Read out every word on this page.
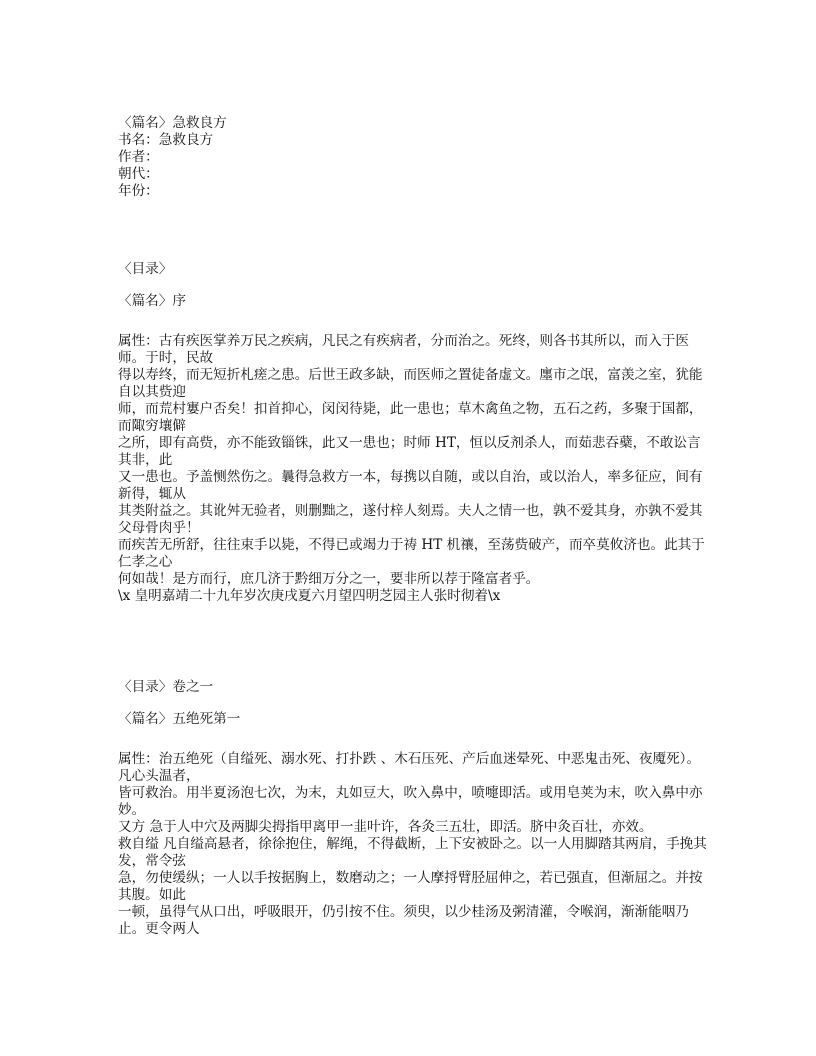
〈篇名〉急救良方
书名：急救良方
作者：
朝代：
年份：
〈目录〉
〈篇名〉序
属性：古有疾医掌养万民之疾病，凡民之有疾病者，分而治之。死终，则各书其所以，而入于医师。于时，民故
得以寿终，而无短折札瘥之患。后世王政多缺，而医师之置徒备虚文。廛市之氓，富羡之室，犹能自以其赀迎
师，而荒村寠户否矣！扣首抑心，闵闵待毙，此一患也；草木禽鱼之物，五石之药，多聚于国都，而陬穷壤僻
之所，即有高赀，亦不能致锱铢，此又一患也；时师 HT，恒以反剂杀人，而茹悲吞蘗，不敢讼言其非，此
又一患也。予盖恻然伤之。曩得急救方一本，每携以自随，或以自治，或以治人，率多征应，间有新得，辄从
其类附益之。其讹舛无验者，则删黜之，遂付梓人刻焉。夫人之情一也，孰不爱其身，亦孰不爱其父母骨肉乎！
而疾苦无所舒，往往束手以毙，不得已或竭力于祷 HT 机禳，至荡赀破产，而卒莫攸济也。此其于仁孝之心
何如哉！是方而行，庶几济于黔细万分之一，要非所以荐于隆富者乎。
\x 皇明嘉靖二十九年岁次庚戌夏六月望四明芝园主人张时彻着\x
〈目录〉卷之一
〈篇名〉五绝死第一
属性：治五绝死（自缢死、溺水死、打扑跌 、木石压死、产后血迷晕死、中恶鬼击死、夜魇死）。凡心头温者，
皆可救治。用半夏汤泡七次，为末，丸如豆大，吹入鼻中，喷嚏即活。或用皂荚为末，吹入鼻中亦妙。
又方 急于人中穴及两脚尖拇指甲离甲一韭叶许，各灸三五壮，即活。脐中灸百壮，亦效。
救自缢 凡自缢高悬者，徐徐抱住，解绳，不得截断，上下安被卧之。以一人用脚踏其两肩，手挽其发，常令弦
急，勿使缓纵；一人以手按据胸上，数磨动之；一人摩捋臂胫屈伸之，若已强直，但渐屈之。并按其腹。如此
一顿，虽得气从口出，呼吸眼开，仍引按不住。须臾，以少桂汤及粥清灌，令喉润，渐渐能咽乃止。更令两人
